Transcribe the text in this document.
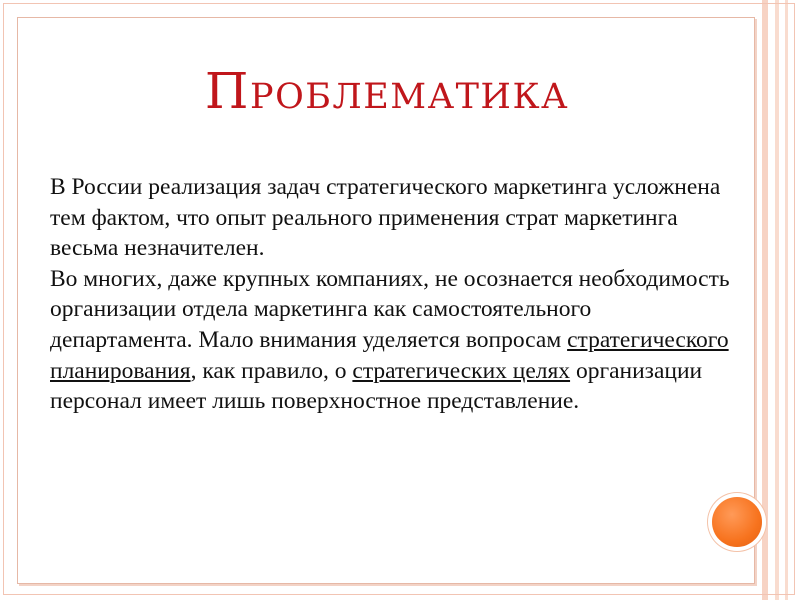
Проблематика

В России реализация задач стратегического маркетинга усложнена тем фактом, что опыт реального применения страт маркетинга весьма незначителен.

Во многих, даже крупных компаниях, не осознается необходимость организации отдела маркетинга как самостоятельного департамента. Мало внимания уделяется вопросам стратегического планирования, как правило, о стратегических целях организации персонал имеет лишь поверхностное представление.
